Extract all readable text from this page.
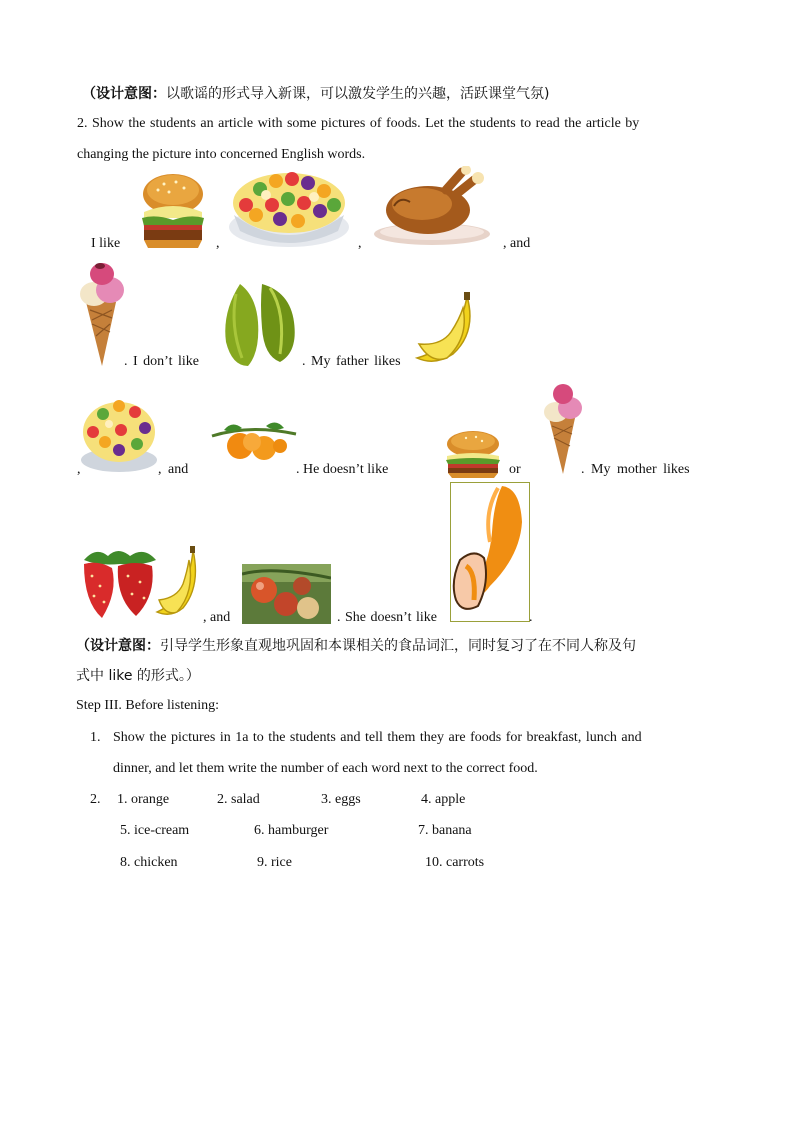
（设计意图：以歌谣的形式导入新课，可以激发学生的兴趣，活跃课堂气氛)
2. Show the students an article with some pictures of foods. Let the students to read the article by
changing the picture into concerned English words.
I like	,	,	, and
. I don’t like	. My father likes
,	, and	. He doesn’t like	or	. My mother likes
, and	. She doesn’t like	.
（设计意图：引导学生形象直观地巩固和本课相关的食品词汇，同时复习了在不同人称及句
式中 like 的形式。）
Step III. Before listening:
1. Show the pictures in 1a to the students and tell them they are foods for breakfast, lunch and
dinner, and let them write the number of each word next to the correct food.
2. 1. orange	2. salad	3. eggs	4. apple
5. ice-cream	6. hamburger	7. banana
8. chicken	9. rice	10. carrots
